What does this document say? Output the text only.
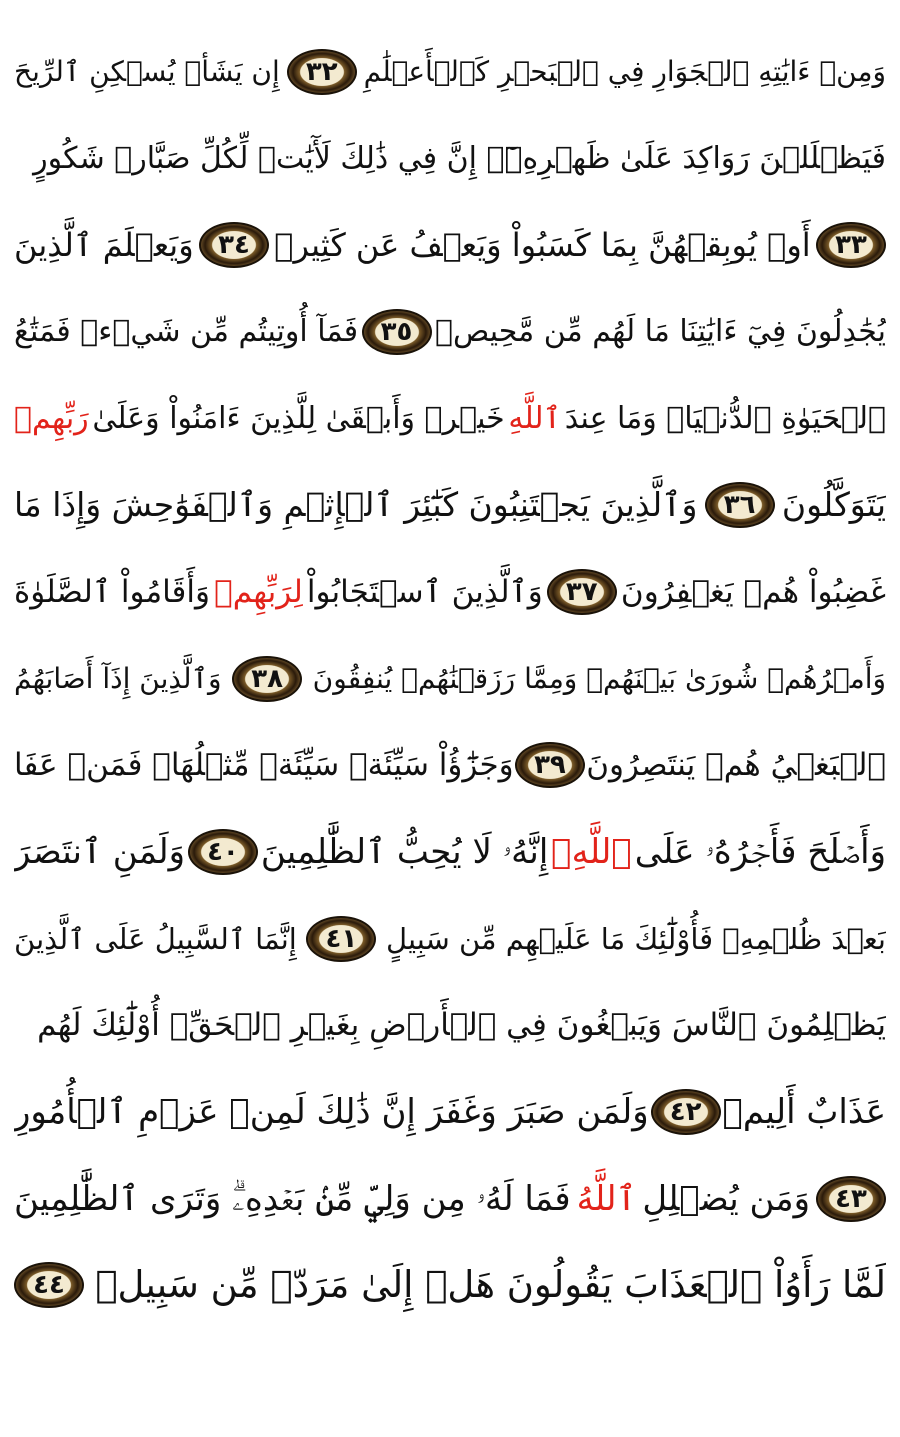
وَمِنۡ ءَايَٰتِهِ ٱلۡجَوَارِ فِي ٱلۡبَحۡرِ كَٱلۡأَعۡلَٰمِ
٣٢
إِن يَشَأۡ يُسۡكِنِ ٱلرِّيحَ
فَيَظۡلَلۡنَ رَوَاكِدَ عَلَىٰ ظَهۡرِهِۦٓۚ إِنَّ فِي ذَٰلِكَ لَأٓيَٰتٖ لِّكُلِّ صَبَّارٖ شَكُورٍ
٣٣
أَوۡ يُوبِقۡهُنَّ بِمَا كَسَبُواْ وَيَعۡفُ عَن كَثِيرٖ
٣٤
وَيَعۡلَمَ ٱلَّذِينَ
يُجَٰدِلُونَ فِيٓ ءَايَٰتِنَا مَا لَهُم مِّن مَّحِيصٖ
٣٥
فَمَآ أُوتِيتُم مِّن شَيۡءٖ فَمَتَٰعُ
ٱلۡحَيَوٰةِ ٱلدُّنۡيَاۖ وَمَا عِندَ
ٱللَّهِ
خَيۡرٞ وَأَبۡقَىٰ لِلَّذِينَ ءَامَنُواْ وَعَلَىٰ
رَبِّهِمۡ
يَتَوَكَّلُونَ
٣٦
وَٱلَّذِينَ يَجۡتَنِبُونَ كَبَٰٓئِرَ ٱلۡإِثۡمِ وَٱلۡفَوَٰحِشَ وَإِذَا مَا
غَضِبُواْ هُمۡ يَغۡفِرُونَ
٣٧
وَٱلَّذِينَ ٱسۡتَجَابُواْ
لِرَبِّهِمۡ
وَأَقَامُواْ ٱلصَّلَوٰةَ
وَأَمۡرُهُمۡ شُورَىٰ بَيۡنَهُمۡ وَمِمَّا رَزَقۡنَٰهُمۡ يُنفِقُونَ
٣٨
وَٱلَّذِينَ إِذَآ أَصَابَهُمُ
ٱلۡبَغۡيُ هُمۡ يَنتَصِرُونَ
٣٩
وَجَزَٰٓؤُاْ سَيِّئَةٖ سَيِّئَةٞ مِّثۡلُهَاۖ فَمَنۡ عَفَا
وَأَصۡلَحَ فَأَجۡرُهُۥ عَلَى
ٱللَّهِۚ
إِنَّهُۥ لَا يُحِبُّ ٱلظَّٰلِمِينَ
٤٠
وَلَمَنِ ٱنتَصَرَ
بَعۡدَ ظُلۡمِهِۦ فَأُوْلَٰٓئِكَ مَا عَلَيۡهِم مِّن سَبِيلٍ
٤١
إِنَّمَا ٱلسَّبِيلُ عَلَى ٱلَّذِينَ
يَظۡلِمُونَ ٱلنَّاسَ وَيَبۡغُونَ فِي ٱلۡأَرۡضِ بِغَيۡرِ ٱلۡحَقِّۚ أُوْلَٰٓئِكَ لَهُم
عَذَابٌ أَلِيمٞ
٤٢
وَلَمَن صَبَرَ وَغَفَرَ إِنَّ ذَٰلِكَ لَمِنۡ عَزۡمِ ٱلۡأُمُورِ
٤٣
وَمَن يُضۡلِلِ
ٱللَّهُ
فَمَا لَهُۥ مِن وَلِيّٖ مِّنۢ بَعۡدِهِۦۗ وَتَرَى ٱلظَّٰلِمِينَ
لَمَّا رَأَوُاْ ٱلۡعَذَابَ يَقُولُونَ هَلۡ إِلَىٰ مَرَدّٖ مِّن سَبِيلٖ
٤٤
